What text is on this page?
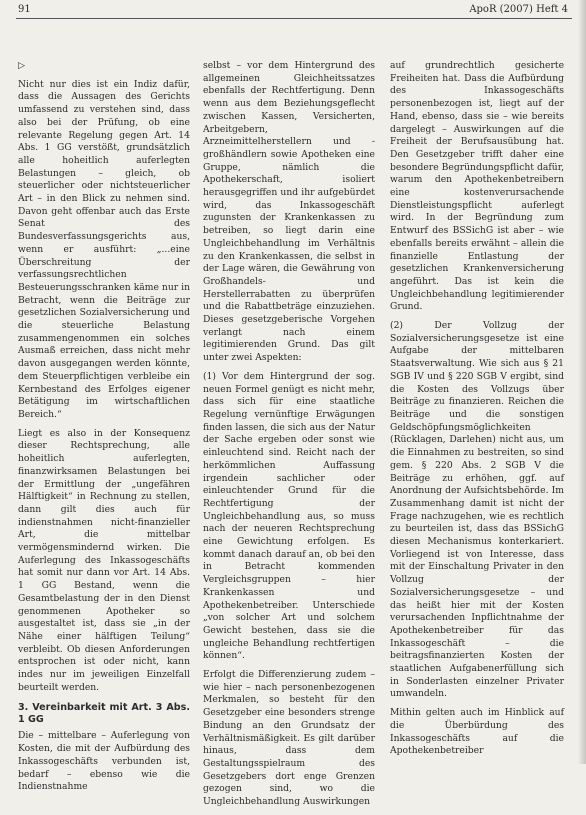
91	ApoR (2007) Heft 4

▷

Nicht nur dies ist ein Indiz dafür, dass die Aussagen des Gerichts umfassend zu verstehen sind, dass also bei der Prüfung, ob eine relevante Regelung gegen Art. 14 Abs. 1 GG verstößt, grundsätzlich alle hoheitlich auferlegten Belastungen – gleich, ob steuerlicher oder nichtsteuerlicher Art – in den Blick zu nehmen sind. Davon geht offenbar auch das Erste Senat des Bundesverfassungsgerichts aus, wenn er ausführt: „...eine Überschreitung der verfassungsrechtlichen Besteuerungsschranken käme nur in Betracht, wenn die Beiträge zur gesetzlichen Sozialversicherung und die steuerliche Belastung zusammengenommen ein solches Ausmaß erreichen, dass nicht mehr davon ausgegangen werden könnte, dem Steuerpflichtigen verbleibe ein Kernbestand des Erfolges eigener Betätigung im wirtschaftlichen Bereich.“

Liegt es also in der Konsequenz dieser Rechtsprechung, alle hoheitlich auferlegten, finanzwirksamen Belastungen bei der Ermittlung der „ungefähren Hälftigkeit“ in Rechnung zu stellen, dann gilt dies auch für indienstnahmen nicht-finanzieller Art, die mittelbar vermögensmindernd wirken. Die Auferlegung des Inkassogeschäfts hat somit nur dann vor Art. 14 Abs. 1 GG Bestand, wenn die Gesamtbelastung der in den Dienst genommenen Apotheker so ausgestaltet ist, dass sie „in der Nähe einer hälftigen Teilung“ verbleibt. Ob diesen Anforderungen entsprochen ist oder nicht, kann indes nur im jeweiligen Einzelfall beurteilt werden.

3. Vereinbarkeit mit Art. 3 Abs. 1 GG

Die – mittelbare – Auferlegung von Kosten, die mit der Aufbürdung des Inkassogeschäfts verbunden ist, bedarf – ebenso wie die Indienstnahme

selbst – vor dem Hintergrund des allgemeinen Gleichheitssatzes ebenfalls der Rechtfertigung. Denn wenn aus dem Beziehungsgeflecht zwischen Kassen, Versicherten, Arbeitgebern, Arzneimittelherstellern und -großhändlern sowie Apotheken eine Gruppe, nämlich die Apothekerschaft, isoliert herausgegriffen und ihr aufgebürdet wird, das Inkassogeschäft zugunsten der Krankenkassen zu betreiben, so liegt darin eine Ungleichbehandlung im Verhältnis zu den Krankenkassen, die selbst in der Lage wären, die Gewährung von Großhandels- und Herstellerrabatten zu überprüfen und die Rabattbeträge einzuziehen. Dieses gesetzgeberische Vorgehen verlangt nach einem legitimierenden Grund. Das gilt unter zwei Aspekten:

(1) Vor dem Hintergrund der sog. neuen Formel genügt es nicht mehr, dass sich für eine staatliche Regelung vernünftige Erwägungen finden lassen, die sich aus der Natur der Sache ergeben oder sonst wie einleuchtend sind. Reicht nach der herkömmlichen Auffassung irgendein sachlicher oder einleuchtender Grund für die Rechtfertigung der Ungleichbehandlung aus, so muss nach der neueren Rechtsprechung eine Gewichtung erfolgen. Es kommt danach darauf an, ob bei den in Betracht kommenden Vergleichsgruppen – hier Krankenkassen und Apothekenbetreiber. Unterschiede „von solcher Art und solchem Gewicht bestehen, dass sie die ungleiche Behandlung rechtfertigen können“.

Erfolgt die Differenzierung zudem – wie hier – nach personenbezogenen Merkmalen, so besteht für den Gesetzgeber eine besonders strenge Bindung an den Grundsatz der Verhältnismäßigkeit. Es gilt darüber hinaus, dass dem Gestaltungsspielraum des Gesetzgebers dort enge Grenzen gezogen sind, wo die Ungleichbehandlung Auswirkungen

auf grundrechtlich gesicherte Freiheiten hat. Dass die Aufbürdung des Inkassogeschäfts personenbezogen ist, liegt auf der Hand, ebenso, dass sie – wie bereits dargelegt – Auswirkungen auf die Freiheit der Berufsausübung hat. Den Gesetzgeber trifft daher eine besondere Begründungspflicht dafür, warum den Apothekenbetreibern eine kostenverursachende Dienstleistungspflicht auferlegt wird. In der Begründung zum Entwurf des BSSichG ist aber – wie ebenfalls bereits erwähnt – allein die finanzielle Entlastung der gesetzlichen Krankenversicherung angeführt. Das ist kein die Ungleichbehandlung legitimierender Grund.

(2) Der Vollzug der Sozialversicherungsgesetze ist eine Aufgabe der mittelbaren Staatsverwaltung. Wie sich aus § 21 SGB IV und § 220 SGB V ergibt, sind die Kosten des Vollzugs über Beiträge zu finanzieren. Reichen die Beiträge und die sonstigen Geldschöpfungsmöglichkeiten (Rücklagen, Darlehen) nicht aus, um die Einnahmen zu bestreiten, so sind gem. § 220 Abs. 2 SGB V die Beiträge zu erhöhen, ggf. auf Anordnung der Aufsichtsbehörde. Im Zusammenhang damit ist nicht der Frage nachzugehen, wie es rechtlich zu beurteilen ist, dass das BSSichG diesen Mechanismus konterkariert. Vorliegend ist von Interesse, dass mit der Einschaltung Privater in den Vollzug der Sozialversicherungsgesetze – und das heißt hier mit der Kosten verursachenden Inpflichtnahme der Apothekenbetreiber für das Inkassogeschäft – die beitragsfinanzierten Kosten der staatlichen Aufgabenerfüllung sich in Sonderlasten einzelner Privater umwandeln.

Mithin gelten auch im Hinblick auf die Überbürdung des Inkassogeschäfts auf die Apothekenbetreiber
